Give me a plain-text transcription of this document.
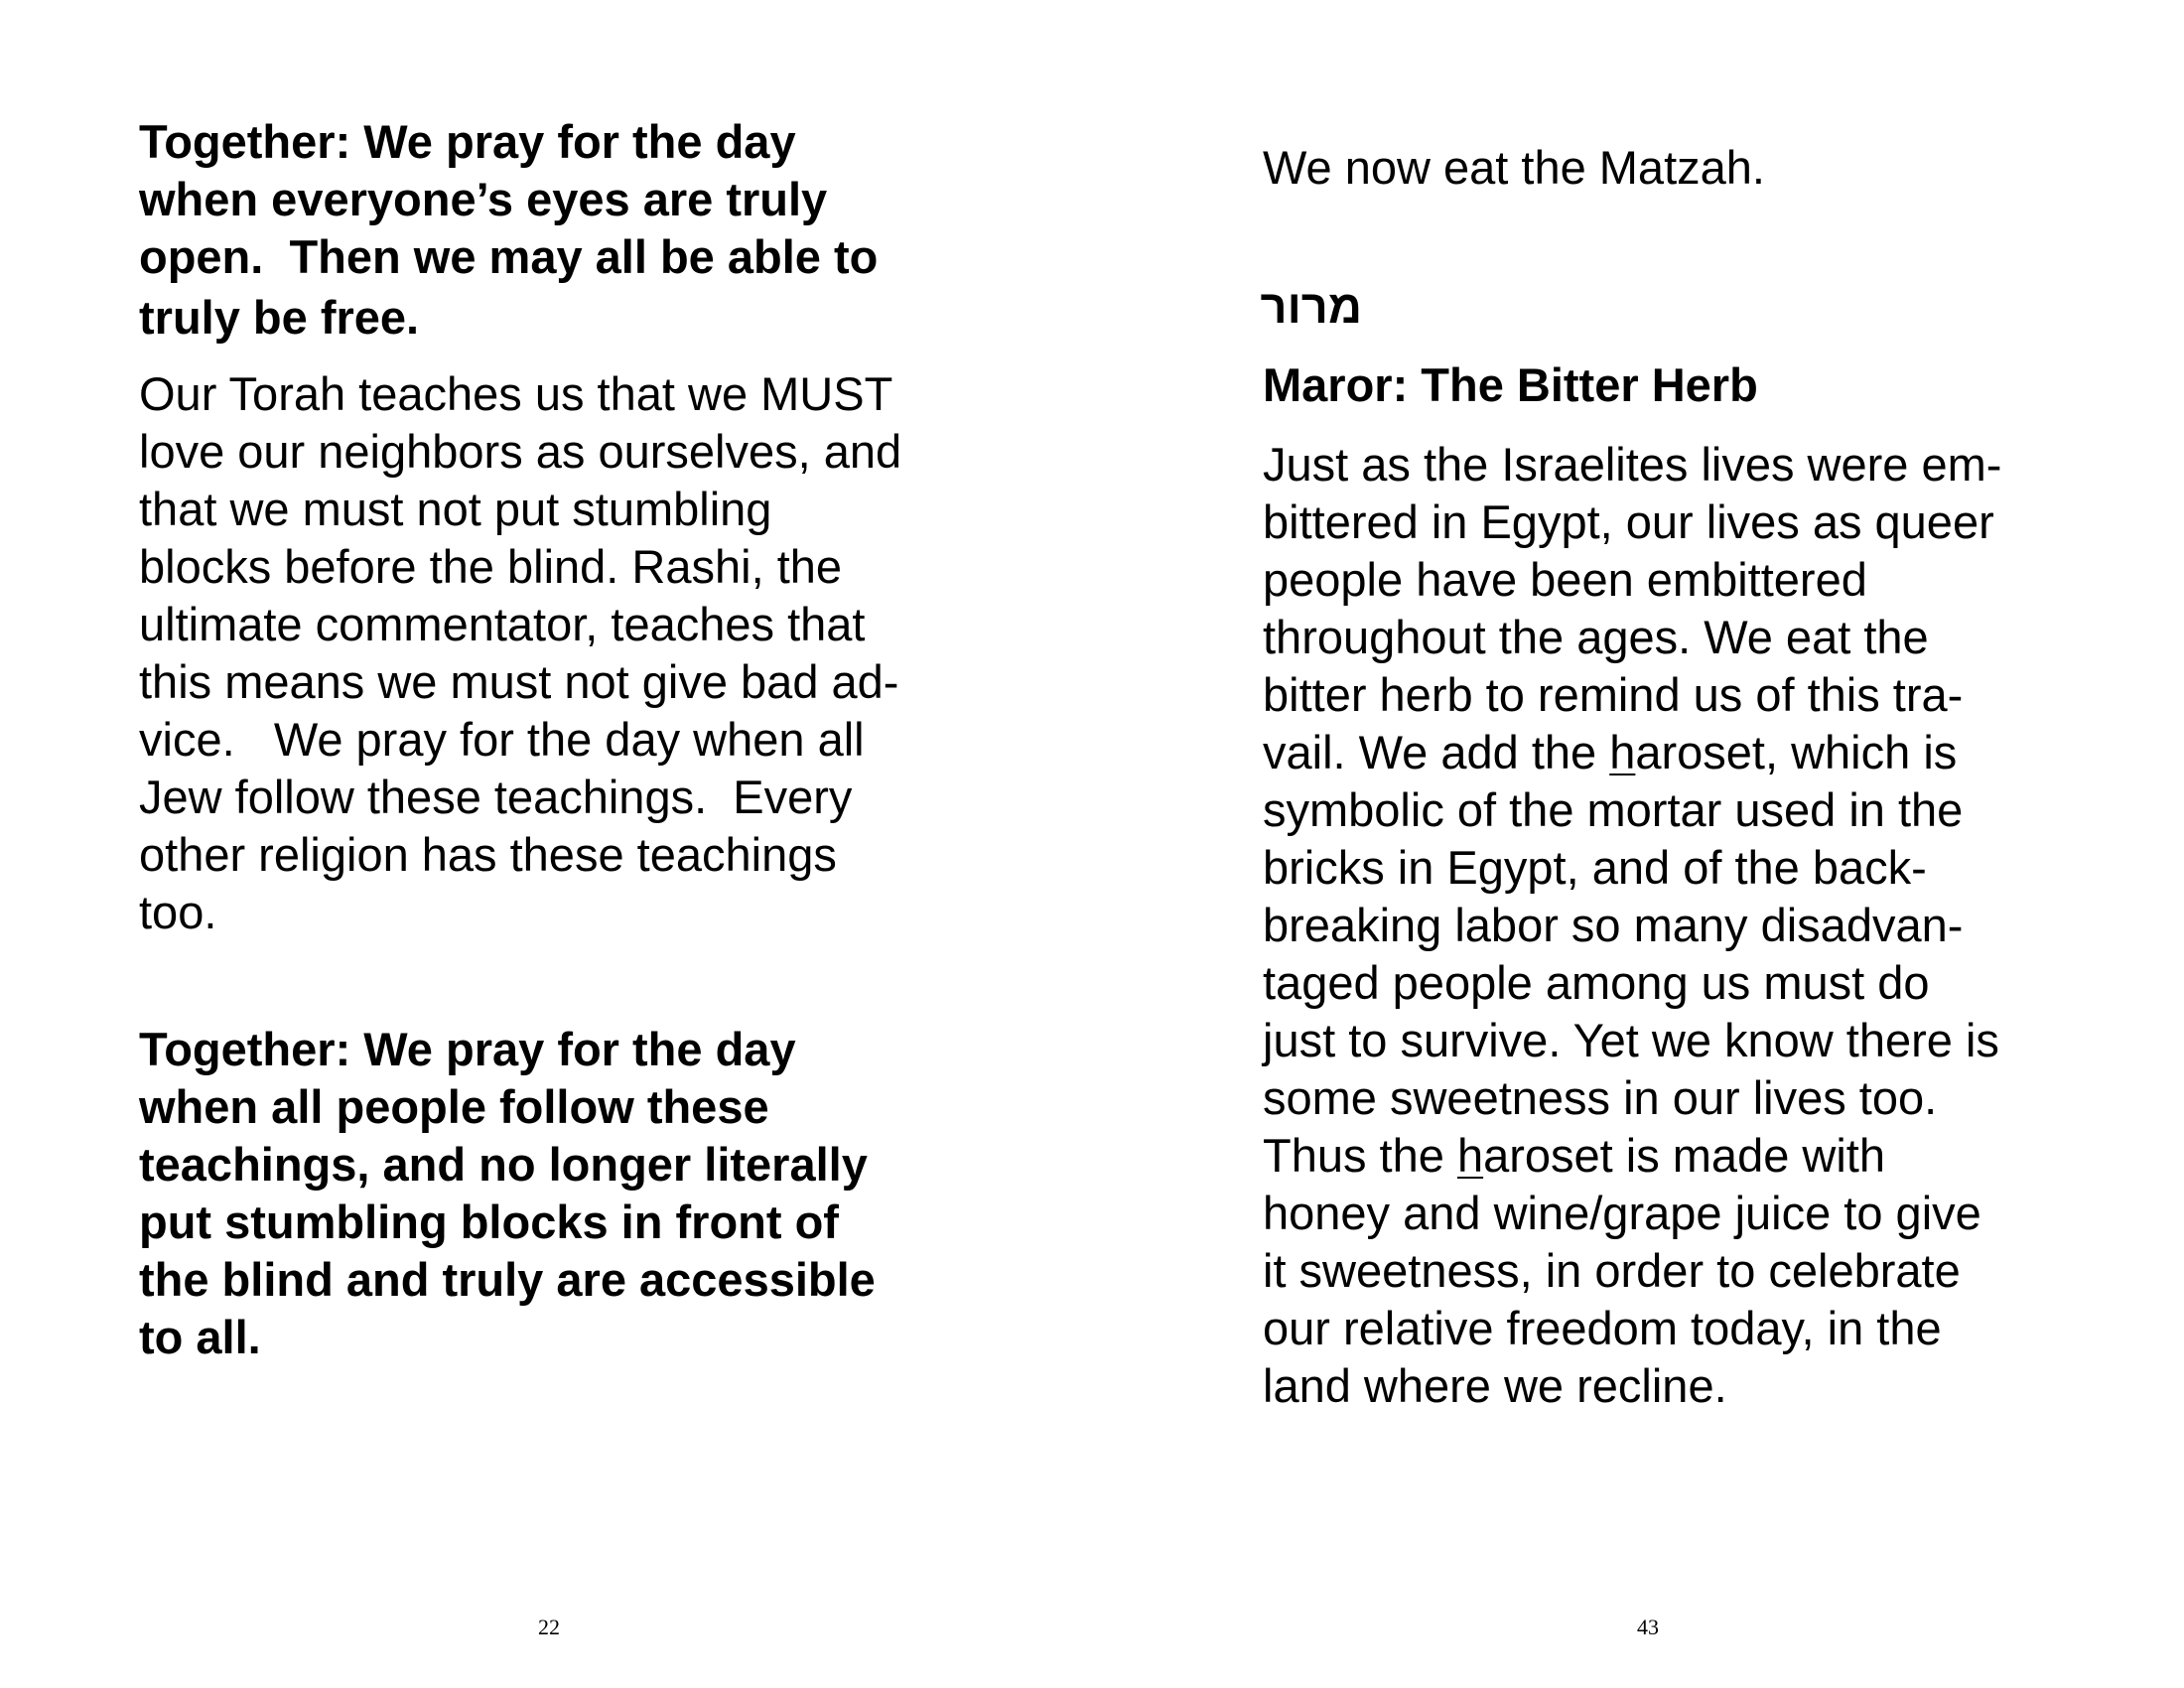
Together: We pray for the day
when everyone’s eyes are truly
open.  Then we may all be able to
truly be free.
Our Torah teaches us that we MUST
love our neighbors as ourselves, and
that we must not put stumbling
blocks before the blind. Rashi, the
ultimate commentator, teaches that
this means we must not give bad ad-
vice.   We pray for the day when all
Jew follow these teachings.  Every
other religion has these teachings
too.
Together: We pray for the day
when all people follow these
teachings, and no longer literally
put stumbling blocks in front of
the blind and truly are accessible
to all.
22
We now eat the Matzah.
מרור
Maror: The Bitter Herb
Just as the Israelites lives were em-
bittered in Egypt, our lives as queer
people have been embittered
throughout the ages. We eat the
bitter herb to remind us of this tra-
vail. We add the haroset, which is
symbolic of the mortar used in the
bricks in Egypt, and of the back-
breaking labor so many disadvan-
taged people among us must do
just to survive. Yet we know there is
some sweetness in our lives too.
Thus the haroset is made with
honey and wine/grape juice to give
it sweetness, in order to celebrate
our relative freedom today, in the
land where we recline.
43
